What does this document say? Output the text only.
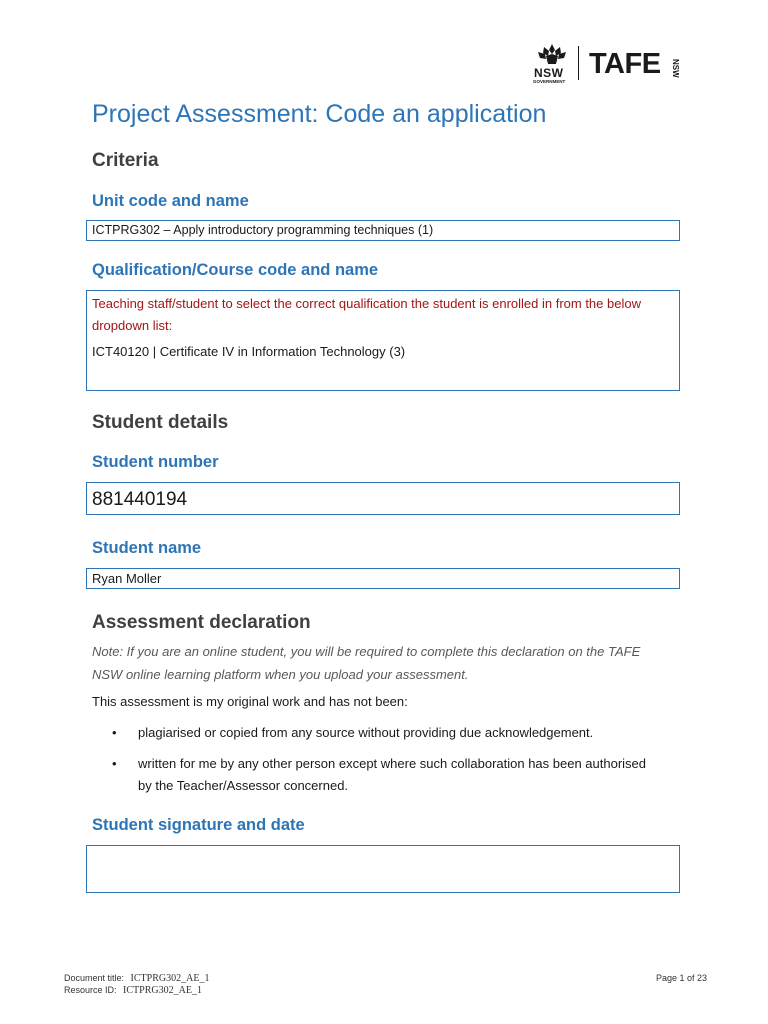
NSW
GOVERNMENT
TAFE NSW
Project Assessment: Code an application
Criteria
Unit code and name
ICTPRG302 – Apply introductory programming techniques (1)
Qualification/Course code and name
Teaching staff/student to select the correct qualification the student is enrolled in from the below dropdown list:
ICT40120 | Certificate IV in Information Technology (3)
Student details
Student number
881440194
Student name
Ryan Moller
Assessment declaration
Note: If you are an online student, you will be required to complete this declaration on the TAFE NSW online learning platform when you upload your assessment.
This assessment is my original work and has not been:
• plagiarised or copied from any source without providing due acknowledgement.
• written for me by any other person except where such collaboration has been authorised by the Teacher/Assessor concerned.
Student signature and date
Document title: ICTPRG302_AE_1
Resource ID: ICTPRG302_AE_1
Page 1 of 23
